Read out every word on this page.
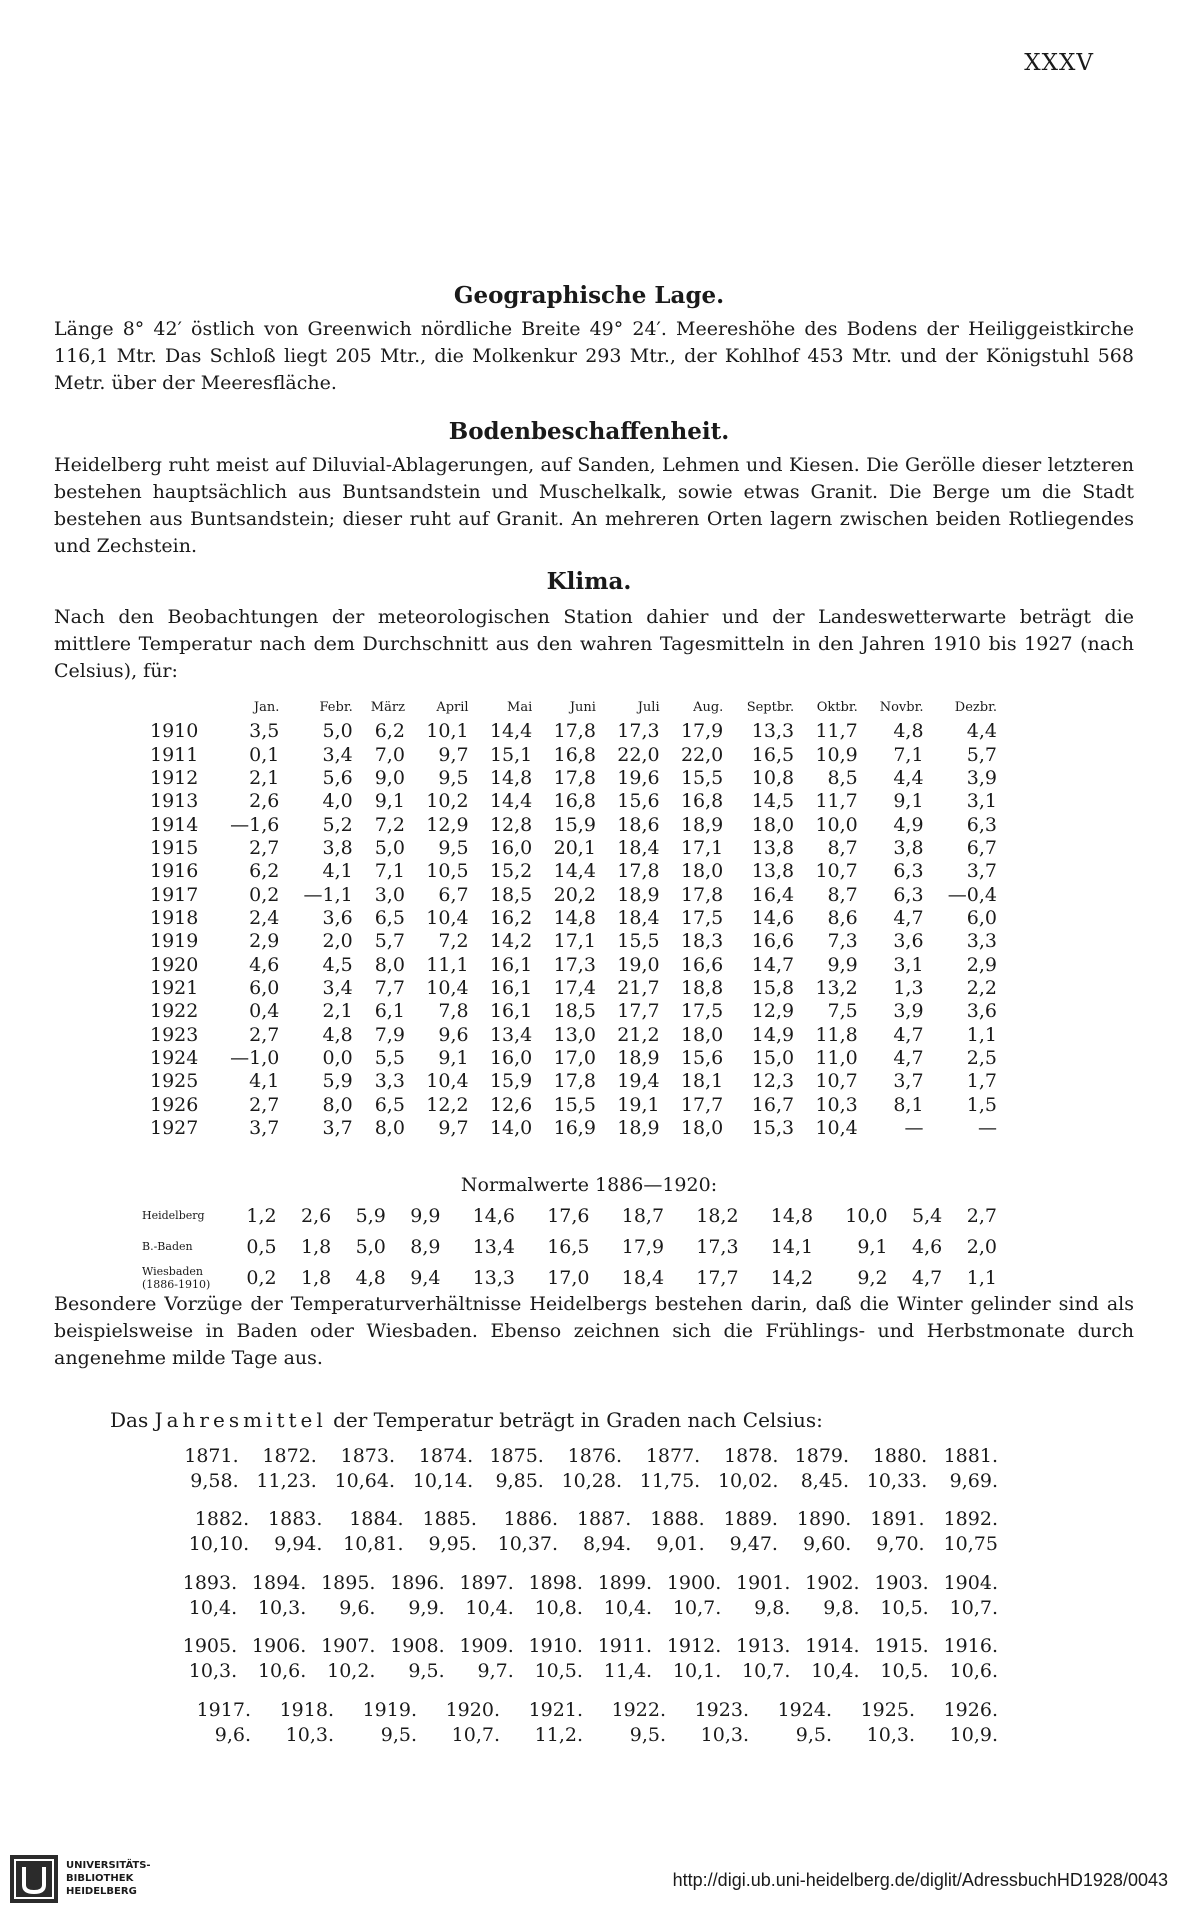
XXXV
Geographische Lage.
Länge 8° 42′ östlich von Greenwich nördliche Breite 49° 24′. Meereshöhe des Bodens der Heiliggeistkirche 116,1 Mtr. Das Schloß liegt 205 Mtr., die Molkenkur 293 Mtr., der Kohlhof 453 Mtr. und der Königstuhl 568 Metr. über der Meeresfläche.
Bodenbeschaffenheit.
Heidelberg ruht meist auf Diluvial-Ablagerungen, auf Sanden, Lehmen und Kiesen. Die Gerölle dieser letzteren bestehen hauptsächlich aus Buntsandstein und Muschelkalk, sowie etwas Granit. Die Berge um die Stadt bestehen aus Buntsandstein; dieser ruht auf Granit. An mehreren Orten lagern zwischen beiden Rotliegendes und Zechstein.
Klima.
Nach den Beobachtungen der meteorologischen Station dahier und der Landeswetterwarte beträgt die mittlere Temperatur nach dem Durchschnitt aus den wahren Tagesmitteln in den Jahren 1910 bis 1927 (nach Celsius), für:
	Jan.	Febr.	März	April	Mai	Juni	Juli	Aug.	Septbr.	Oktbr.	Novbr.	Dezbr.
1910	3,5	5,0	6,2	10,1	14,4	17,8	17,3	17,9	13,3	11,7	4,8	4,4
1911	0,1	3,4	7,0	9,7	15,1	16,8	22,0	22,0	16,5	10,9	7,1	5,7
1912	2,1	5,6	9,0	9,5	14,8	17,8	19,6	15,5	10,8	8,5	4,4	3,9
1913	2,6	4,0	9,1	10,2	14,4	16,8	15,6	16,8	14,5	11,7	9,1	3,1
1914	—1,6	5,2	7,2	12,9	12,8	15,9	18,6	18,9	18,0	10,0	4,9	6,3
1915	2,7	3,8	5,0	9,5	16,0	20,1	18,4	17,1	13,8	8,7	3,8	6,7
1916	6,2	4,1	7,1	10,5	15,2	14,4	17,8	18,0	13,8	10,7	6,3	3,7
1917	0,2	—1,1	3,0	6,7	18,5	20,2	18,9	17,8	16,4	8,7	6,3	—0,4
1918	2,4	3,6	6,5	10,4	16,2	14,8	18,4	17,5	14,6	8,6	4,7	6,0
1919	2,9	2,0	5,7	7,2	14,2	17,1	15,5	18,3	16,6	7,3	3,6	3,3
1920	4,6	4,5	8,0	11,1	16,1	17,3	19,0	16,6	14,7	9,9	3,1	2,9
1921	6,0	3,4	7,7	10,4	16,1	17,4	21,7	18,8	15,8	13,2	1,3	2,2
1922	0,4	2,1	6,1	7,8	16,1	18,5	17,7	17,5	12,9	7,5	3,9	3,6
1923	2,7	4,8	7,9	9,6	13,4	13,0	21,2	18,0	14,9	11,8	4,7	1,1
1924	—1,0	0,0	5,5	9,1	16,0	17,0	18,9	15,6	15,0	11,0	4,7	2,5
1925	4,1	5,9	3,3	10,4	15,9	17,8	19,4	18,1	12,3	10,7	3,7	1,7
1926	2,7	8,0	6,5	12,2	12,6	15,5	19,1	17,7	16,7	10,3	8,1	1,5
1927	3,7	3,7	8,0	9,7	14,0	16,9	18,9	18,0	15,3	10,4	—	—
Normalwerte 1886—1920:
Heidelberg	1,2	2,6	5,9	9,9	14,6	17,6	18,7	18,2	14,8	10,0	5,4	2,7

B.-Baden	0,5	1,8	5,0	8,9	13,4	16,5	17,9	17,3	14,1	9,1	4,6	2,0

Wiesbaden
(1886-1910)	0,2	1,8	4,8	9,4	13,3	17,0	18,4	17,7	14,2	9,2	4,7	1,1
Besondere Vorzüge der Temperaturverhältnisse Heidelbergs bestehen darin, daß die Winter gelinder sind als beispielsweise in Baden oder Wiesbaden. Ebenso zeichnen sich die Frühlings- und Herbstmonate durch angenehme milde Tage aus.
Das Jahresmittel der Temperatur beträgt in Graden nach Celsius:
1871.	1872.	1873.	1874.	1875.	1876.	1877.	1878.	1879.	1880.	1881.
9,58.	11,23.	10,64.	10,14.	9,85.	10,28.	11,75.	10,02.	8,45.	10,33.	9,69.
1882.	1883.	1884.	1885.	1886.	1887.	1888.	1889.	1890.	1891.	1892.
10,10.	9,94.	10,81.	9,95.	10,37.	8,94.	9,01.	9,47.	9,60.	9,70.	10,75
1893.	1894.	1895.	1896.	1897.	1898.	1899.	1900.	1901.	1902.	1903.	1904.
10,4.	10,3.	9,6.	9,9.	10,4.	10,8.	10,4.	10,7.	9,8.	9,8.	10,5.	10,7.
1905.	1906.	1907.	1908.	1909.	1910.	1911.	1912.	1913.	1914.	1915.	1916.
10,3.	10,6.	10,2.	9,5.	9,7.	10,5.	11,4.	10,1.	10,7.	10,4.	10,5.	10,6.
1917.	1918.	1919.	1920.	1921.	1922.	1923.	1924.	1925.	1926.
9,6.	10,3.	9,5.	10,7.	11,2.	9,5.	10,3.	9,5.	10,3.	10,9.
UNIVERSITÄTS-
BIBLIOTHEK
HEIDELBERG
http://digi.ub.uni-heidelberg.de/diglit/AdressbuchHD1928/0043
